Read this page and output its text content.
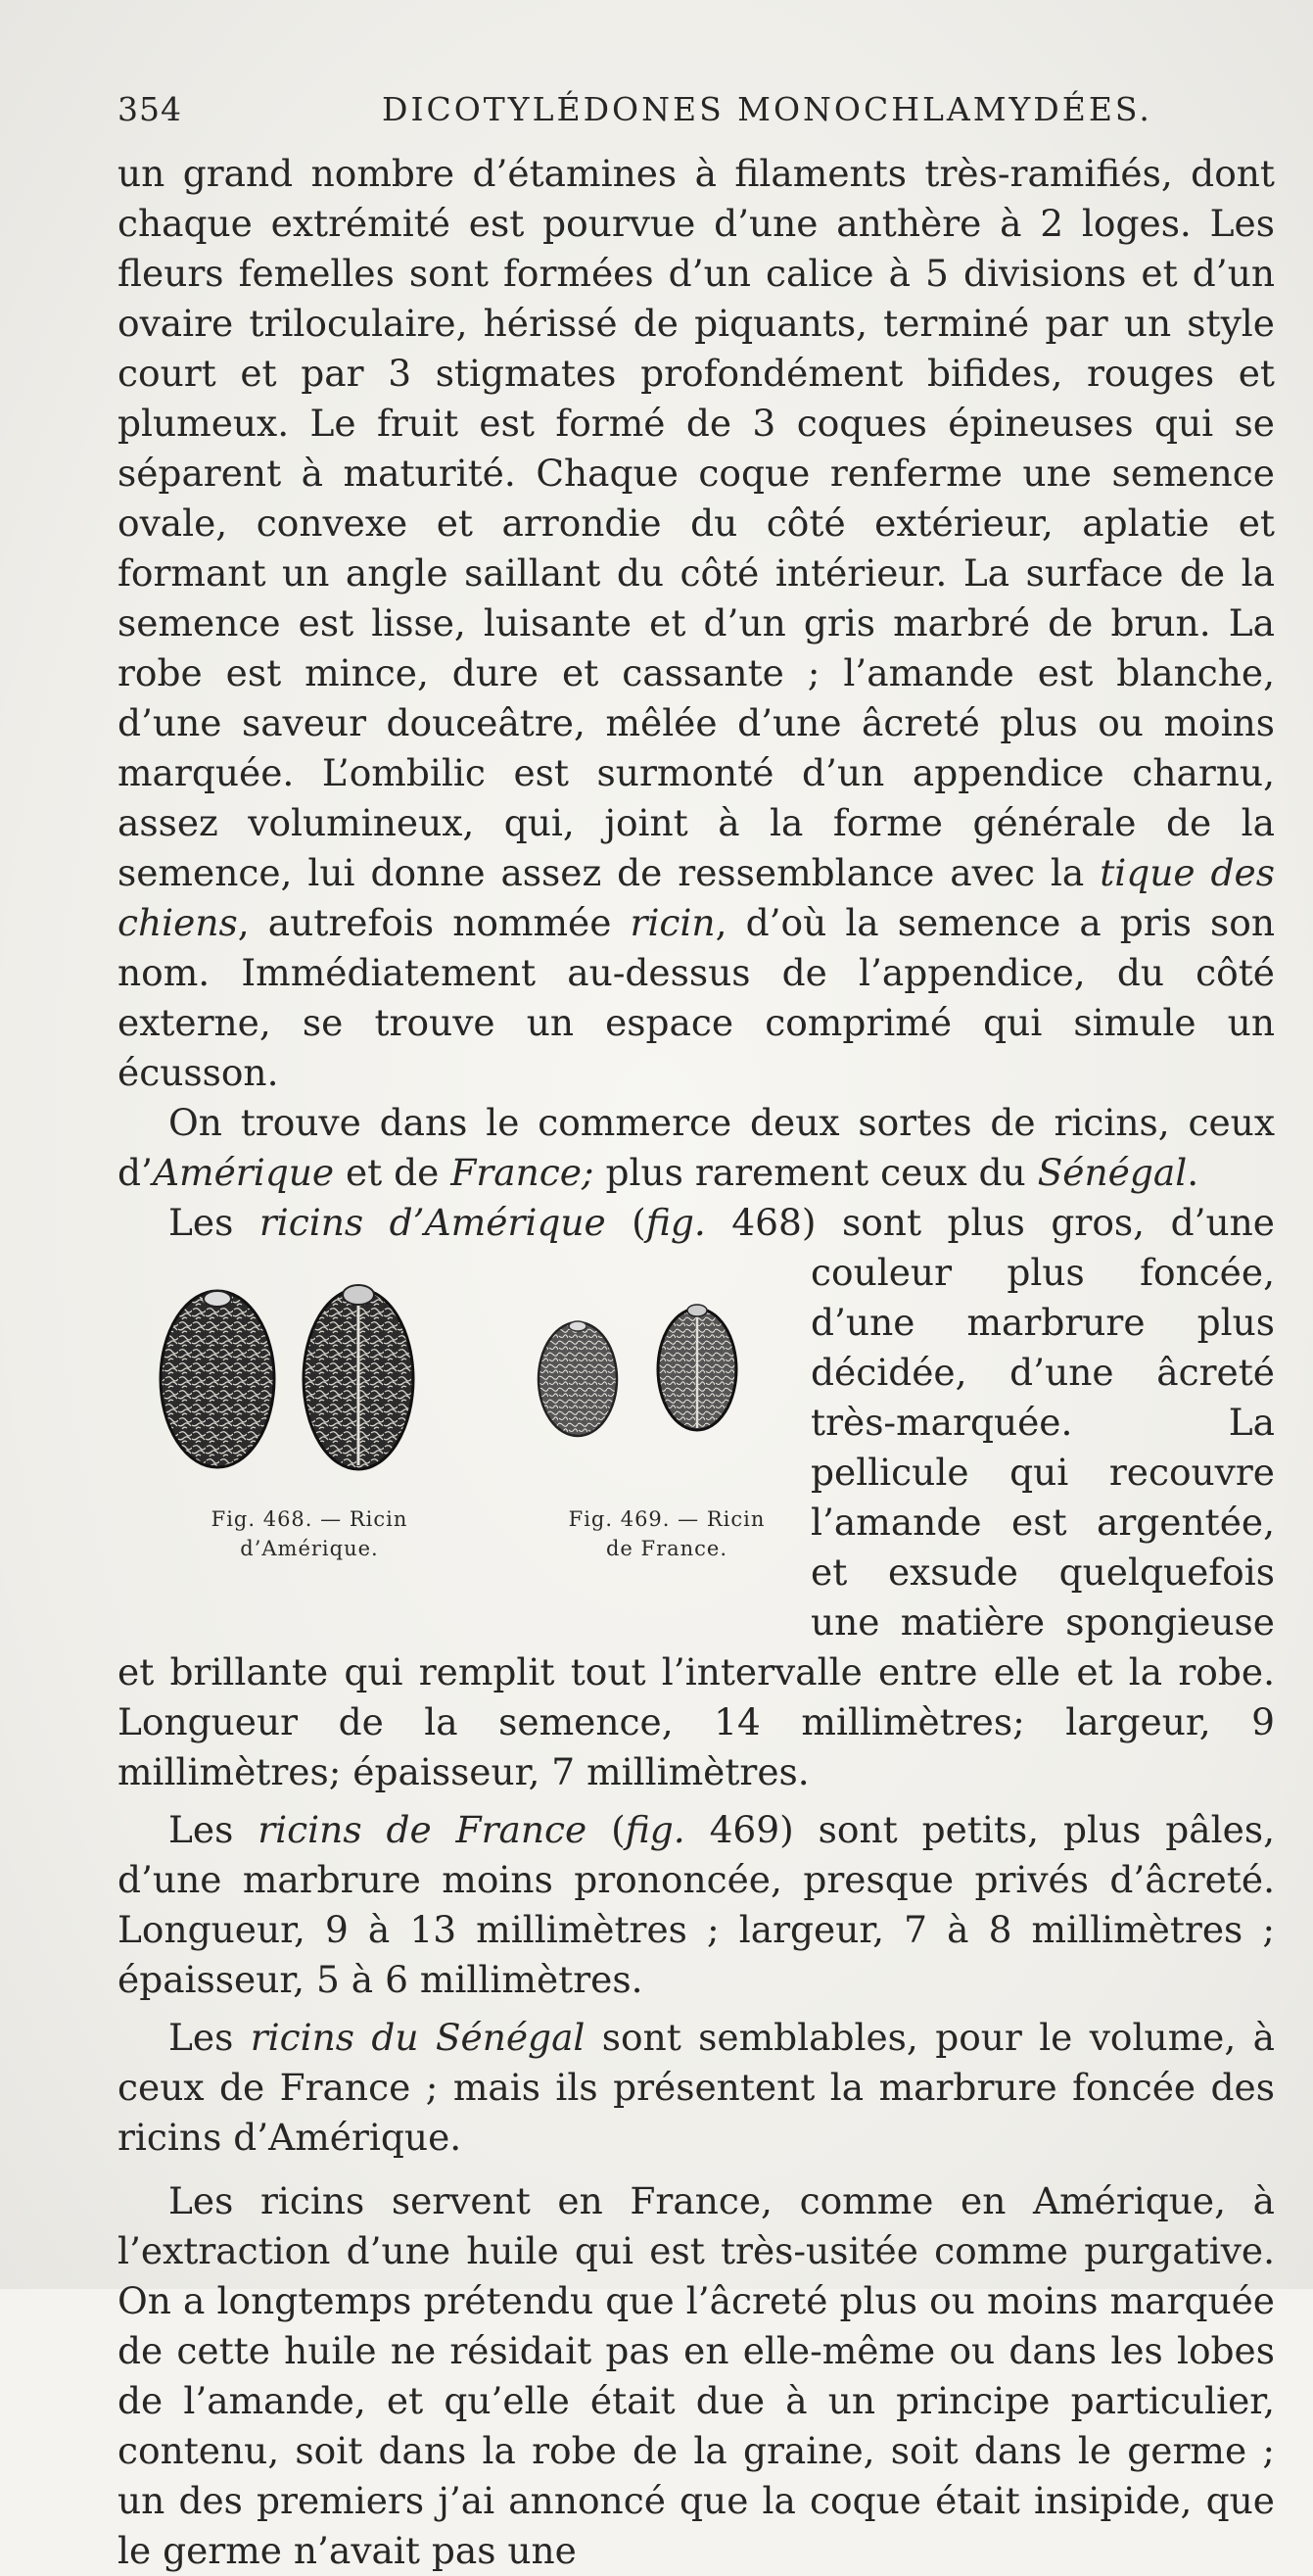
354	DICOTYLÉDONES MONOCHLAMYDÉES.

un grand nombre d’étamines à filaments très-ramifiés, dont chaque extrémité est pourvue d’une anthère à 2 loges. Les fleurs femelles sont formées d’un calice à 5 divisions et d’un ovaire triloculaire, hérissé de piquants, terminé par un style court et par 3 stigmates profondément bifides, rouges et plumeux. Le fruit est formé de 3 coques épineuses qui se séparent à maturité. Chaque coque renferme une semence ovale, convexe et arrondie du côté extérieur, aplatie et formant un angle saillant du côté intérieur. La surface de la semence est lisse, luisante et d’un gris marbré de brun. La robe est mince, dure et cassante ; l’amande est blanche, d’une saveur douceâtre, mêlée d’une âcreté plus ou moins marquée. L’ombilic est surmonté d’un appendice charnu, assez volumineux, qui, joint à la forme générale de la semence, lui donne assez de ressemblance avec la tique des chiens, autrefois nommée ricin, d’où la semence a pris son nom. Immédiatement au-dessus de l’appendice, du côté externe, se trouve un espace comprimé qui simule un écusson.

On trouve dans le commerce deux sortes de ricins, ceux d’Amérique et de France; plus rarement ceux du Sénégal.

Les ricins d’Amérique (fig.
Fig. 468. — Ricin
d’Amérique.
Fig. 469. — Ricin
de France.
468) sont plus gros, d’une couleur plus foncée, d’une marbrure plus décidée, d’une âcreté très-marquée. La pellicule qui recouvre l’amande est argentée, et exsude quelquefois une matière spongieuse et brillante qui remplit tout l’intervalle entre elle et la robe. Longueur de la semence, 14 millimètres; largeur, 9 millimètres; épaisseur, 7 millimètres.

Les ricins de France (fig. 469) sont petits, plus pâles, d’une marbrure moins prononcée, presque privés d’âcreté. Longueur, 9 à 13 millimètres ; largeur, 7 à 8 millimètres ; épaisseur, 5 à 6 millimètres.

Les ricins du Sénégal sont semblables, pour le volume, à ceux de France ; mais ils présentent la marbrure foncée des ricins d’Amérique.

Les ricins servent en France, comme en Amérique, à l’extraction d’une huile qui est très-usitée comme purgative. On a longtemps prétendu que l’âcreté plus ou moins marquée de cette huile ne résidait pas en elle-même ou dans les lobes de l’amande, et qu’elle était due à un principe particulier, contenu, soit dans la robe de la graine, soit dans le germe ; un des premiers j’ai annoncé que la coque était insipide, que le germe n’avait pas une
